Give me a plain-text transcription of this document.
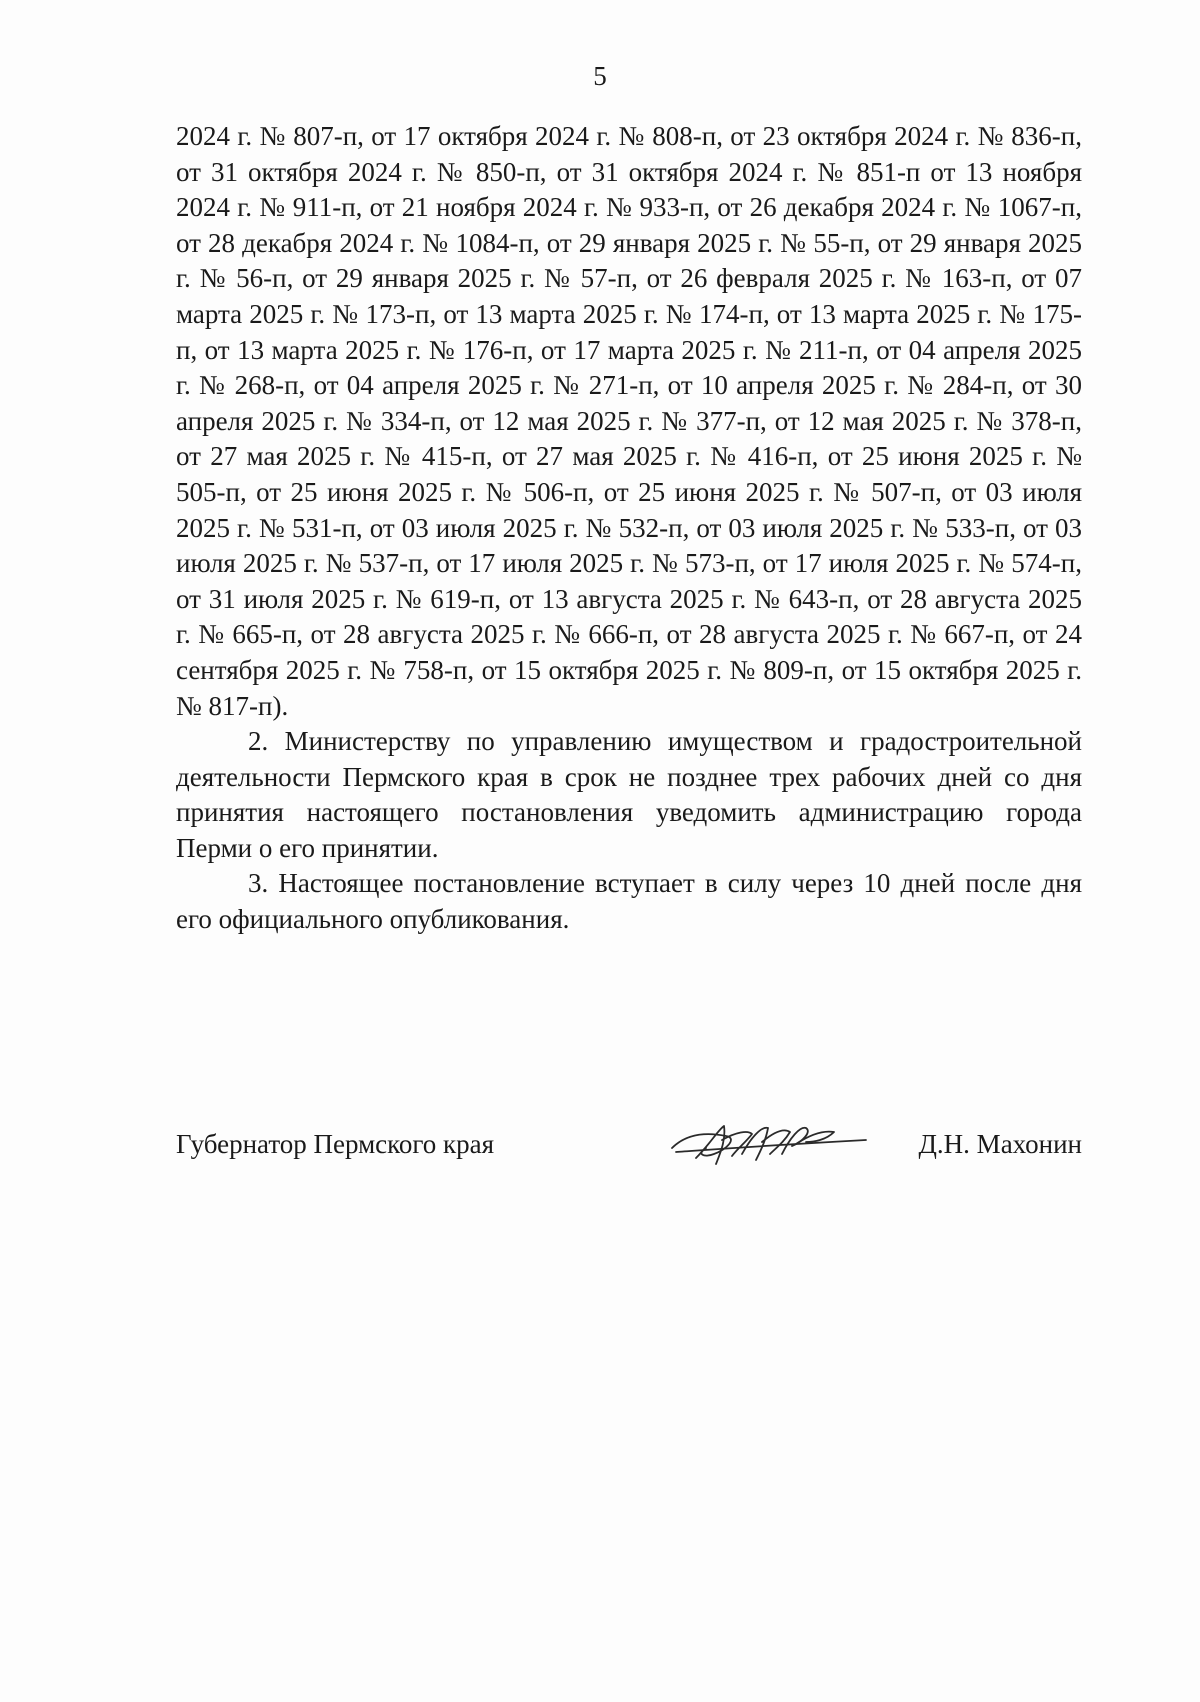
5

2024 г. № 807-п, от 17 октября 2024 г. № 808-п, от 23 октября 2024 г. № 836-п, от 31 октября 2024 г. № 850-п, от 31 октября 2024 г. № 851-п от 13 ноября 2024 г. № 911-п, от 21 ноября 2024 г. № 933-п, от 26 декабря 2024 г. № 1067-п, от 28 декабря 2024 г. № 1084-п, от 29 января 2025 г. № 55-п, от 29 января 2025 г. № 56-п, от 29 января 2025 г. № 57-п, от 26 февраля 2025 г. № 163-п, от 07 марта 2025 г. № 173-п, от 13 марта 2025 г. № 174-п, от 13 марта 2025 г. № 175-п, от 13 марта 2025 г. № 176-п, от 17 марта 2025 г. № 211-п, от 04 апреля 2025 г. № 268-п, от 04 апреля 2025 г. № 271-п, от 10 апреля 2025 г. № 284-п, от 30 апреля 2025 г. № 334-п, от 12 мая 2025 г. № 377-п, от 12 мая 2025 г. № 378-п, от 27 мая 2025 г. № 415-п, от 27 мая 2025 г. № 416-п, от 25 июня 2025 г. № 505-п, от 25 июня 2025 г. № 506-п, от 25 июня 2025 г. № 507-п, от 03 июля 2025 г. № 531-п, от 03 июля 2025 г. № 532-п, от 03 июля 2025 г. № 533-п, от 03 июля 2025 г. № 537-п, от 17 июля 2025 г. № 573-п, от 17 июля 2025 г. № 574-п, от 31 июля 2025 г. № 619-п, от 13 августа 2025 г. № 643-п, от 28 августа 2025 г. № 665-п, от 28 августа 2025 г. № 666-п, от 28 августа 2025 г. № 667-п, от 24 сентября 2025 г. № 758-п, от 15 октября 2025 г. № 809-п, от 15 октября 2025 г. № 817-п).

2. Министерству по управлению имуществом и градостроительной деятельности Пермского края в срок не позднее трех рабочих дней со дня принятия настоящего постановления уведомить администрацию города Перми о его принятии.

3. Настоящее постановление вступает в силу через 10 дней после дня его официального опубликования.

Губернатор Пермского края	Д.Н. Махонин
